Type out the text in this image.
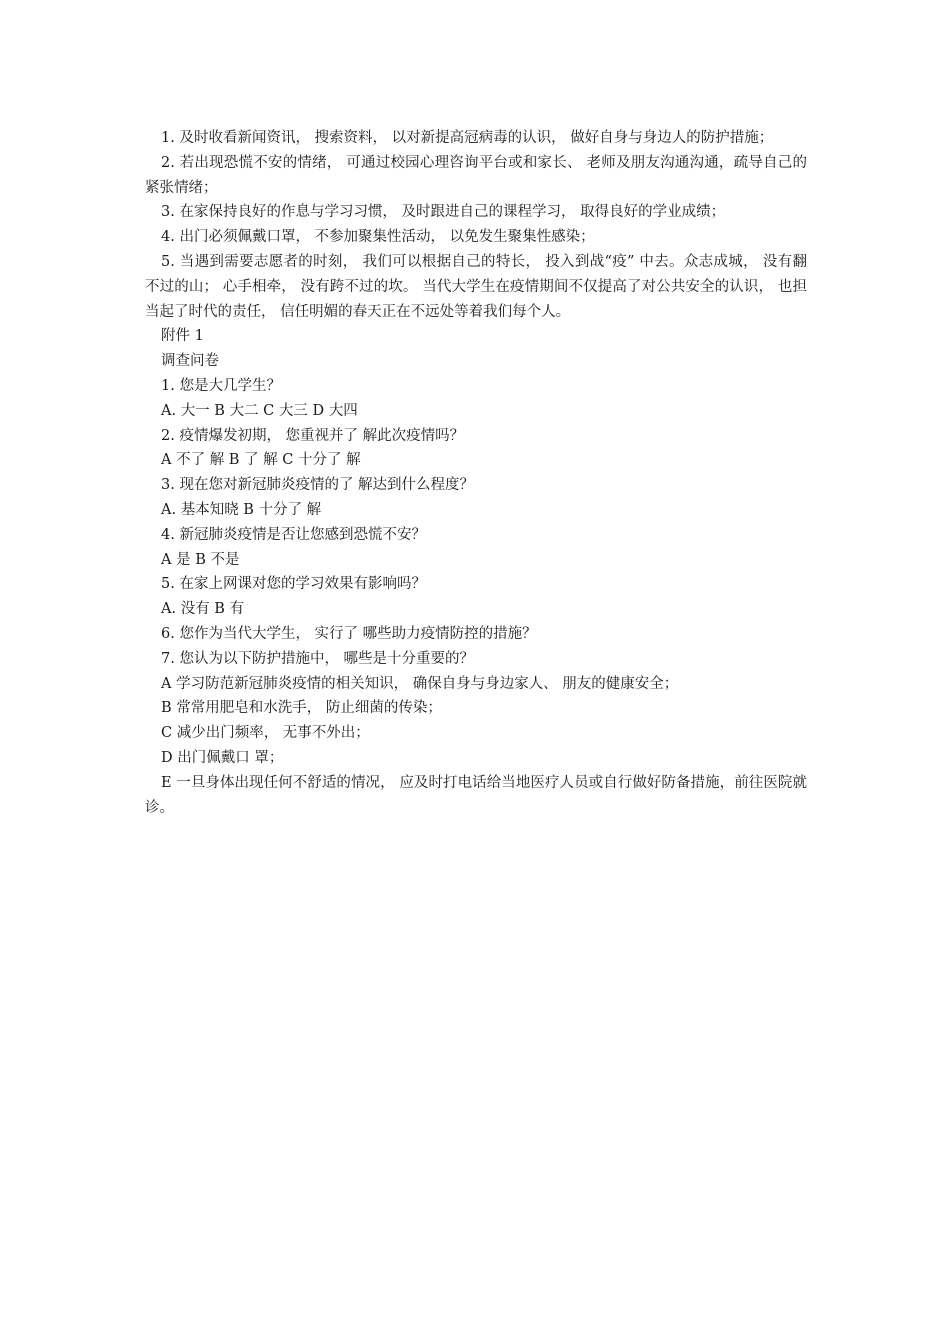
1. 及时收看新闻资讯， 搜索资料， 以对新提高冠病毒的认识， 做好自身与身边人的防护措施；

2. 若出现恐慌不安的情绪， 可通过校园心理咨询平台或和家长、 老师及朋友沟通沟通，疏导自己的紧张情绪；

3. 在家保持良好的作息与学习习惯， 及时跟进自己的课程学习， 取得良好的学业成绩；

4. 出门必须佩戴口罩， 不参加聚集性活动， 以免发生聚集性感染；

5. 当遇到需要志愿者的时刻， 我们可以根据自己的特长， 投入到战“疫” 中去。众志成城， 没有翻不过的山； 心手相牵， 没有跨不过的坎。 当代大学生在疫情期间不仅提高了对公共安全的认识， 也担当起了时代的责任， 信任明媚的春天正在不远处等着我们每个人。

附件 1

调查问卷

1. 您是大几学生？

A. 大一 B 大二 C 大三 D 大四

2. 疫情爆发初期， 您重视并了 解此次疫情吗？

A 不了 解 B 了 解 C 十分了 解

3. 现在您对新冠肺炎疫情的了 解达到什么程度？

A. 基本知晓 B 十分了 解

4. 新冠肺炎疫情是否让您感到恐慌不安？

A 是 B 不是

5. 在家上网课对您的学习效果有影响吗？

A. 没有 B 有

6. 您作为当代大学生， 实行了 哪些助力疫情防控的措施？

7. 您认为以下防护措施中， 哪些是十分重要的？

A 学习防范新冠肺炎疫情的相关知识， 确保自身与身边家人、 朋友的健康安全；

B 常常用肥皂和水洗手， 防止细菌的传染；

C 减少出门频率， 无事不外出；

D 出门佩戴口 罩；

E 一旦身体出现任何不舒适的情况， 应及时打电话给当地医疗人员或自行做好防备措施，前往医院就诊。
